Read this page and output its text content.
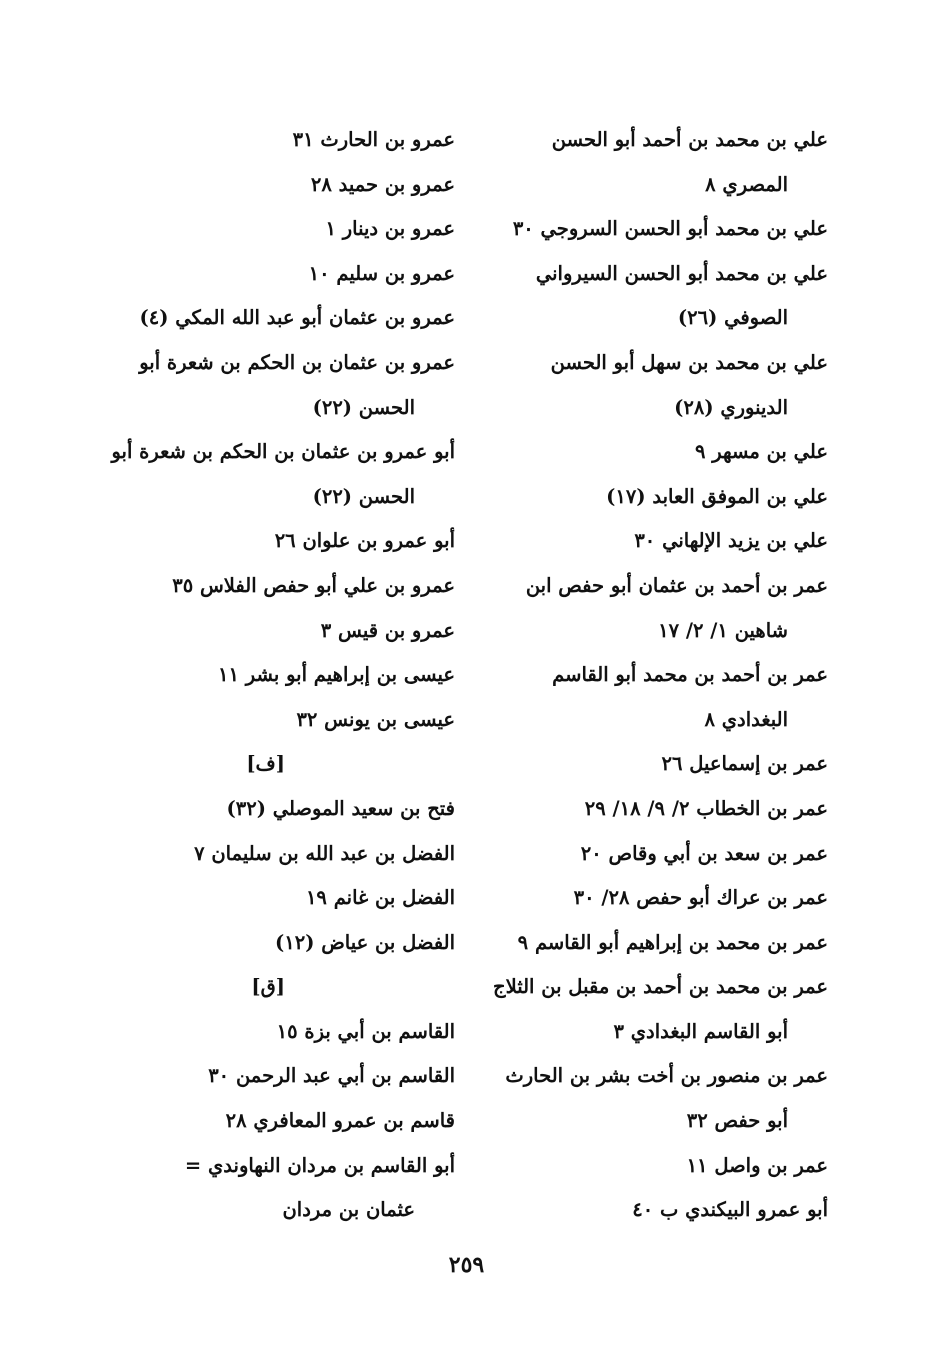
علي بن محمد بن أحمد أبو الحسن
المصري ٨
علي بن محمد أبو الحسن السروجي ٣٠
علي بن محمد أبو الحسن السيرواني
الصوفي (٢٦)
علي بن محمد بن سهل أبو الحسن
الدينوري (٢٨)
علي بن مسهر ٩
علي بن الموفق العابد (١٧)
علي بن يزيد الإلهاني ٣٠
عمر بن أحمد بن عثمان أبو حفص ابن
شاهين ١/ ٢/ ١٧
عمر بن أحمد بن محمد أبو القاسم
البغدادي ٨
عمر بن إسماعيل ٢٦
عمر بن الخطاب ٢/ ٩/ ١٨/ ٢٩
عمر بن سعد بن أبي وقاص ٢٠
عمر بن عراك أبو حفص ٢٨/ ٣٠
عمر بن محمد بن إبراهيم أبو القاسم ٩
عمر بن محمد بن أحمد بن مقبل بن الثلاج
أبو القاسم البغدادي ٣
عمر بن منصور بن أخت بشر بن الحارث
أبو حفص ٣٢
عمر بن واصل ١١
أبو عمرو البيكندي ب ٤٠
عمرو بن الحارث ٣١
عمرو بن حميد ٢٨
عمرو بن دينار ١
عمرو بن سليم ١٠
عمرو بن عثمان أبو عبد الله المكي (٤)
عمرو بن عثمان بن الحكم بن شعرة أبو
الحسن (٢٢)
أبو عمرو بن عثمان بن الحكم بن شعرة أبو
الحسن (٢٢)
أبو عمرو بن علوان ٢٦
عمرو بن علي أبو حفص الفلاس ٣٥
عمرو بن قيس ٣
عيسى بن إبراهيم أبو بشر ١١
عيسى بن يونس ٣٢
[ف]
فتح بن سعيد الموصلي (٣٢)
الفضل بن عبد الله بن سليمان ٧
الفضل بن غانم ١٩
الفضل بن عياض (١٢)
[ق]
القاسم بن أبي بزة ١٥
القاسم بن أبي عبد الرحمن ٣٠
قاسم بن عمرو المعافري ٢٨
أبو القاسم بن مردان النهاوندي =
عثمان بن مردان
٢٥٩
